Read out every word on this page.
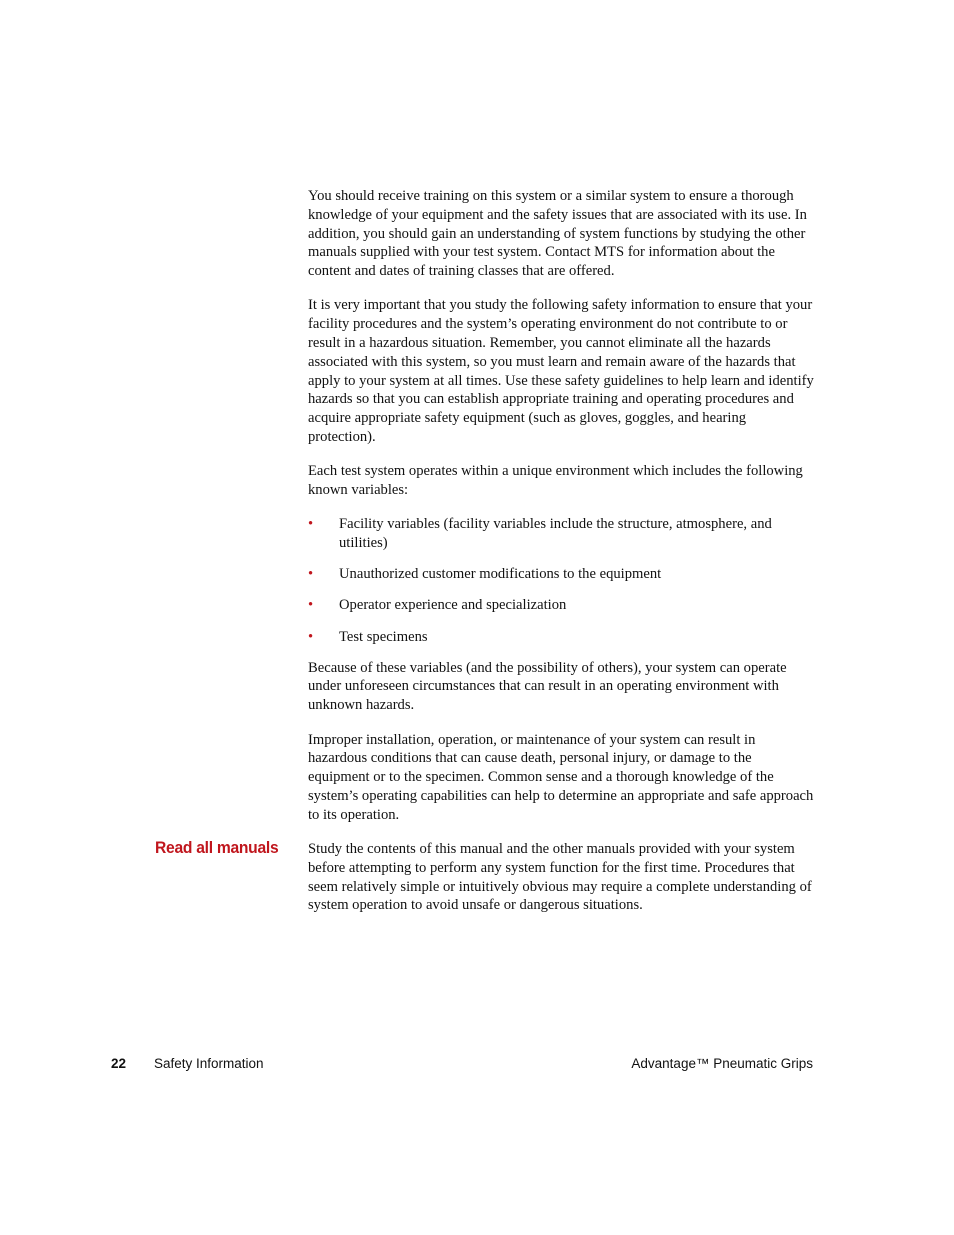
You should receive training on this system or a similar system to ensure a thorough knowledge of your equipment and the safety issues that are associated with its use. In addition, you should gain an understanding of system functions by studying the other manuals supplied with your test system. Contact MTS for information about the content and dates of training classes that are offered.

It is very important that you study the following safety information to ensure that your facility procedures and the system’s operating environment do not contribute to or result in a hazardous situation. Remember, you cannot eliminate all the hazards associated with this system, so you must learn and remain aware of the hazards that apply to your system at all times. Use these safety guidelines to help learn and identify hazards so that you can establish appropriate training and operating procedures and acquire appropriate safety equipment (such as gloves, goggles, and hearing protection).

Each test system operates within a unique environment which includes the following known variables:

• Facility variables (facility variables include the structure, atmosphere, and utilities)
• Unauthorized customer modifications to the equipment
• Operator experience and specialization
• Test specimens

Because of these variables (and the possibility of others), your system can operate under unforeseen circumstances that can result in an operating environment with unknown hazards.

Improper installation, operation, or maintenance of your system can result in hazardous conditions that can cause death, personal injury, or damage to the equipment or to the specimen. Common sense and a thorough knowledge of the system’s operating capabilities can help to determine an appropriate and safe approach to its operation.

Read all manuals Study the contents of this manual and the other manuals provided with your system before attempting to perform any system function for the first time. Procedures that seem relatively simple or intuitively obvious may require a complete understanding of system operation to avoid unsafe or dangerous situations.

22 Safety Information	Advantage™ Pneumatic Grips
